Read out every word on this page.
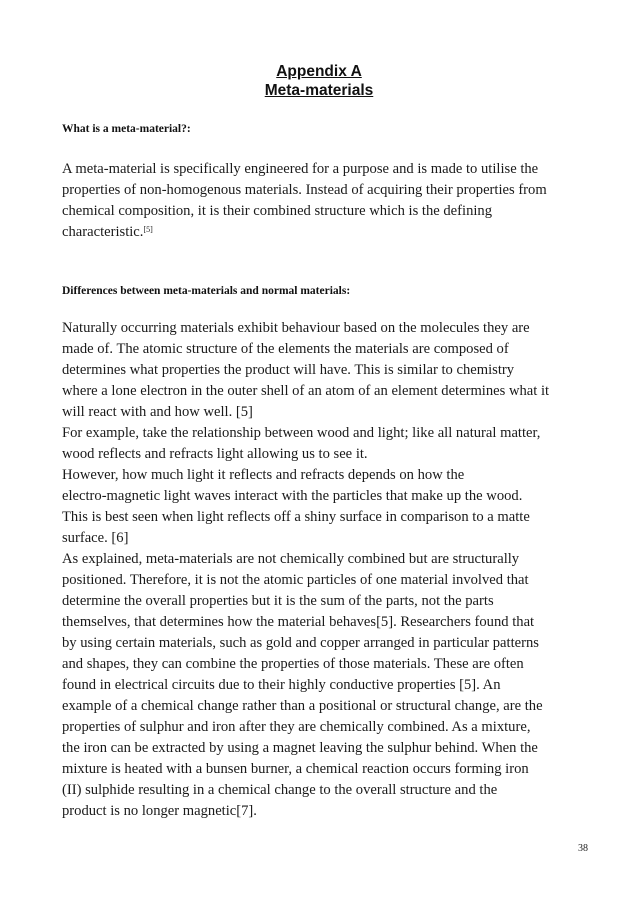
Appendix A
Meta-materials
What is a meta-material?:
A meta-material is specifically engineered for a purpose and is made to utilise the
properties of non-homogenous materials. Instead of acquiring their properties from
chemical composition, it is their combined structure which is the defining
characteristic.[5]
Differences between meta-materials and normal materials:
Naturally occurring materials exhibit behaviour based on the molecules they are
made of. The atomic structure of the elements the materials are composed of
determines what properties the product will have. This is similar to chemistry
where a lone electron in the outer shell of an atom of an element determines what it
will react with and how well. [5]
For example, take the relationship between wood and light; like all natural matter,
wood reflects and refracts light allowing us to see it.
However, how much light it reflects and refracts depends on how the
electro-magnetic light waves interact with the particles that make up the wood.
This is best seen when light reflects off a shiny surface in comparison to a matte
surface. [6]
As explained, meta-materials are not chemically combined but are structurally
positioned. Therefore, it is not the atomic particles of one material involved that
determine the overall properties but it is the sum of the parts, not the parts
themselves, that determines how the material behaves[5]. Researchers found that
by using certain materials, such as gold and copper arranged in particular patterns
and shapes, they can combine the properties of those materials. These are often
found in electrical circuits due to their highly conductive properties [5]. An
example of a chemical change rather than a positional or structural change, are the
properties of sulphur and iron after they are chemically combined. As a mixture,
the iron can be extracted by using a magnet leaving the sulphur behind. When the
mixture is heated with a bunsen burner, a chemical reaction occurs forming iron
(II) sulphide resulting in a chemical change to the overall structure and the
product is no longer magnetic[7].
38
